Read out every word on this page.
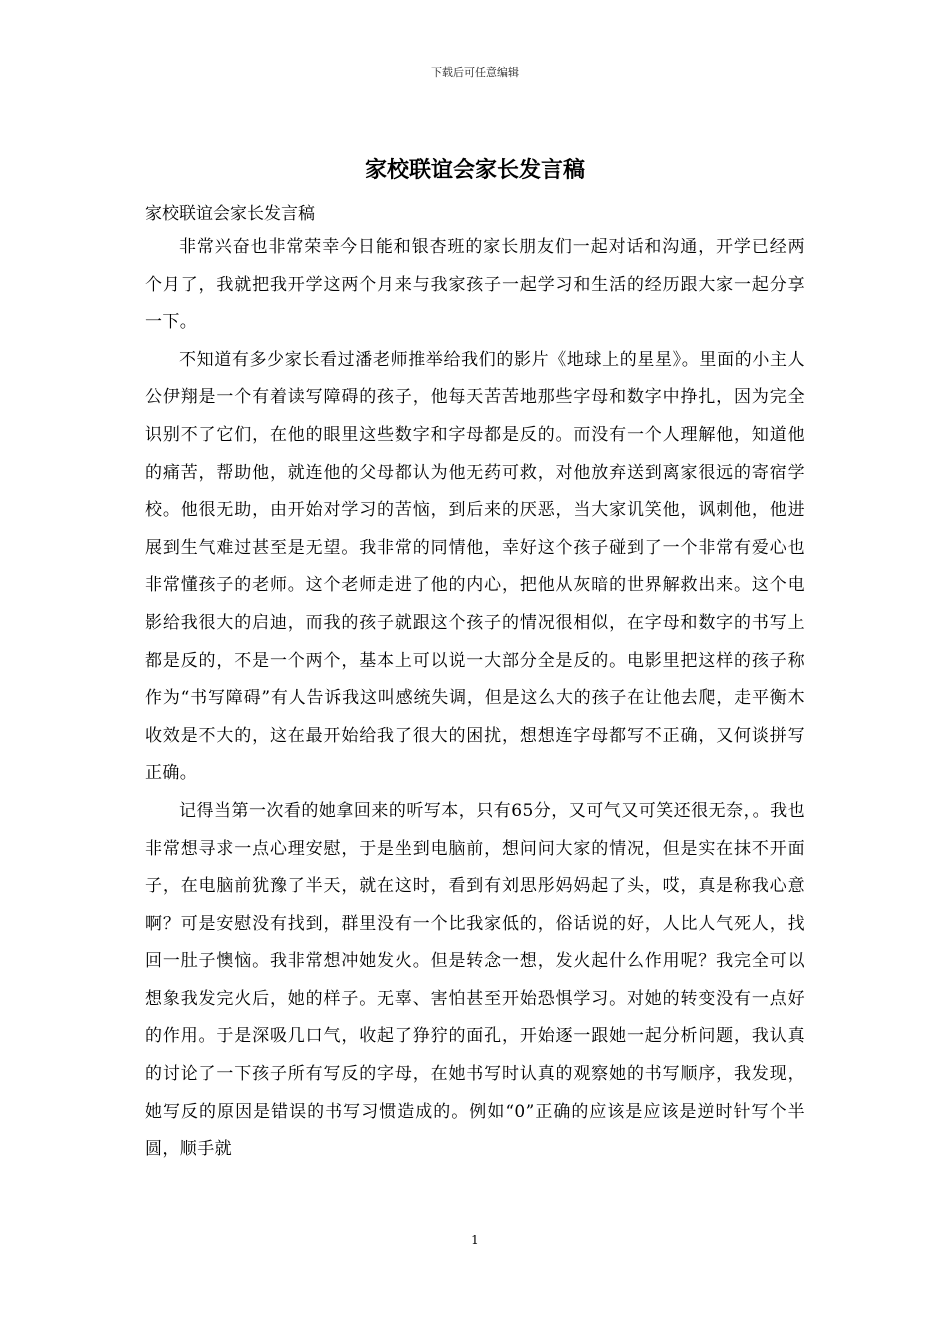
下载后可任意编辑
家校联谊会家长发言稿

家校联谊会家长发言稿

非常兴奋也非常荣幸今日能和银杏班的家长朋友们一起对话和沟通，开学已经两个月了，我就把我开学这两个月来与我家孩子一起学习和生活的经历跟大家一起分享一下。

不知道有多少家长看过潘老师推举给我们的影片《地球上的星星》。里面的小主人公伊翔是一个有着读写障碍的孩子，他每天苦苦地那些字母和数字中挣扎，因为完全识别不了它们，在他的眼里这些数字和字母都是反的。而没有一个人理解他，知道他的痛苦，帮助他，就连他的父母都认为他无药可救，对他放弃送到离家很远的寄宿学校。他很无助，由开始对学习的苦恼，到后来的厌恶，当大家讥笑他，讽刺他，他进展到生气难过甚至是无望。我非常的同情他，幸好这个孩子碰到了一个非常有爱心也非常懂孩子的老师。这个老师走进了他的内心，把他从灰暗的世界解救出来。这个电影给我很大的启迪，而我的孩子就跟这个孩子的情况很相似，在字母和数字的书写上都是反的，不是一个两个，基本上可以说一大部分全是反的。电影里把这样的孩子称作为“书写障碍”有人告诉我这叫感统失调，但是这么大的孩子在让他去爬，走平衡木收效是不大的，这在最开始给我了很大的困扰，想想连字母都写不正确，又何谈拼写正确。

记得当第一次看的她拿回来的听写本，只有65分，又可气又可笑还很无奈，。我也非常想寻求一点心理安慰，于是坐到电脑前，想问问大家的情况，但是实在抹不开面子，在电脑前犹豫了半天，就在这时，看到有刘思彤妈妈起了头，哎，真是称我心意啊？可是安慰没有找到，群里没有一个比我家低的，俗话说的好，人比人气死人，找回一肚子懊恼。我非常想冲她发火。但是转念一想，发火起什么作用呢？我完全可以想象我发完火后，她的样子。无辜、害怕甚至开始恐惧学习。对她的转变没有一点好的作用。于是深吸几口气，收起了狰狞的面孔，开始逐一跟她一起分析问题，我认真的讨论了一下孩子所有写反的字母，在她书写时认真的观察她的书写顺序，我发现，她写反的原因是错误的书写习惯造成的。例如“0”正确的应该是应该是逆时针写个半圆，顺手就

1
